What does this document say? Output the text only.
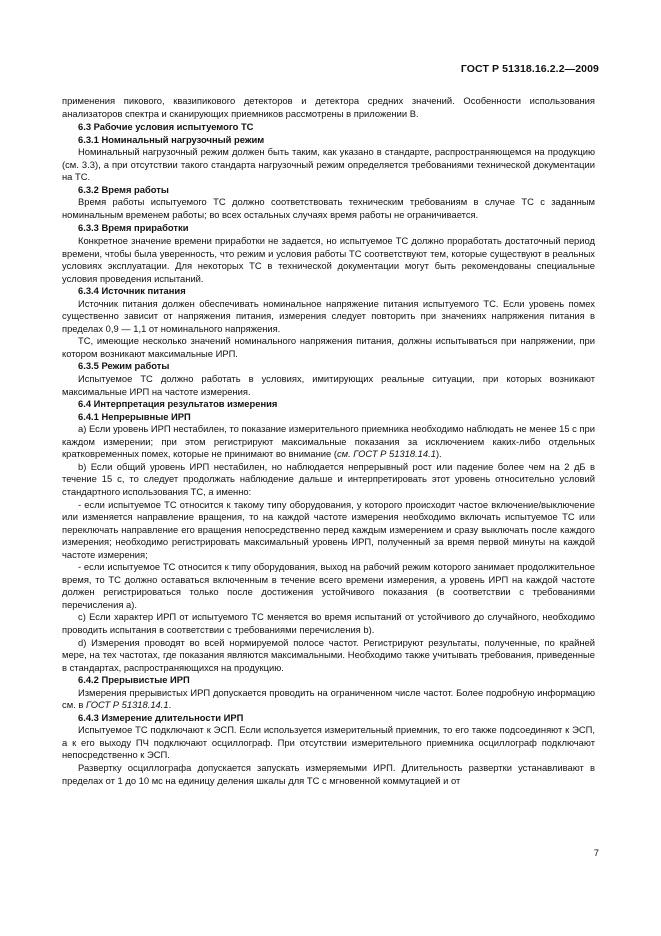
ГОСТ Р 51318.16.2.2—2009

применения пикового, квазипикового детекторов и детектора средних значений. Особенности использования анализаторов спектра и сканирующих приемников рассмотрены в приложении В.

6.3 Рабочие условия испытуемого ТС

6.3.1 Номинальный нагрузочный режим

Номинальный нагрузочный режим должен быть таким, как указано в стандарте, распространяющемся на продукцию (см. 3.3), а при отсутствии такого стандарта нагрузочный режим определяется требованиями технической документации на ТС.

6.3.2 Время работы

Время работы испытуемого ТС должно соответствовать техническим требованиям в случае ТС с заданным номинальным временем работы; во всех остальных случаях время работы не ограничивается.

6.3.3 Время приработки

Конкретное значение времени приработки не задается, но испытуемое ТС должно проработать достаточный период времени, чтобы была уверенность, что режим и условия работы ТС соответствуют тем, которые существуют в реальных условиях эксплуатации. Для некоторых ТС в технической документации могут быть рекомендованы специальные условия проведения испытаний.

6.3.4 Источник питания

Источник питания должен обеспечивать номинальное напряжение питания испытуемого ТС. Если уровень помех существенно зависит от напряжения питания, измерения следует повторить при значениях напряжения питания в пределах 0,9 — 1,1 от номинального напряжения.

ТС, имеющие несколько значений номинального напряжения питания, должны испытываться при напряжении, при котором возникают максимальные ИРП.

6.3.5 Режим работы

Испытуемое ТС должно работать в условиях, имитирующих реальные ситуации, при которых возникают максимальные ИРП на частоте измерения.

6.4 Интерпретация результатов измерения

6.4.1 Непрерывные ИРП

a) Если уровень ИРП нестабилен, то показание измерительного приемника необходимо наблюдать не менее 15 с при каждом измерении; при этом регистрируют максимальные показания за исключением каких-либо отдельных кратковременных помех, которые не принимают во внимание (см. ГОСТ Р 51318.14.1).

b) Если общий уровень ИРП нестабилен, но наблюдается непрерывный рост или падение более чем на 2 дБ в течение 15 с, то следует продолжать наблюдение дальше и интерпретировать этот уровень относительно условий стандартного использования ТС, а именно:

- если испытуемое ТС относится к такому типу оборудования, у которого происходит частое включение/выключение или изменяется направление вращения, то на каждой частоте измерения необходимо включать испытуемое ТС или переключать направление его вращения непосредственно перед каждым измерением и сразу выключать после каждого измерения; необходимо регистрировать максимальный уровень ИРП, полученный за время первой минуты на каждой частоте измерения;

- если испытуемое ТС относится к типу оборудования, выход на рабочий режим которого занимает продолжительное время, то ТС должно оставаться включенным в течение всего времени измерения, а уровень ИРП на каждой частоте должен регистрироваться только после достижения устойчивого показания (в соответствии с требованиями перечисления a).

c) Если характер ИРП от испытуемого ТС меняется во время испытаний от устойчивого до случайного, необходимо проводить испытания в соответствии с требованиями перечисления b).

d) Измерения проводят во всей нормируемой полосе частот. Регистрируют результаты, полученные, по крайней мере, на тех частотах, где показания являются максимальными. Необходимо также учитывать требования, приведенные в стандартах, распространяющихся на продукцию.

6.4.2 Прерывистые ИРП

Измерения прерывистых ИРП допускается проводить на ограниченном числе частот. Более подробную информацию см. в ГОСТ Р 51318.14.1.

6.4.3 Измерение длительности ИРП

Испытуемое ТС подключают к ЭСП. Если используется измерительный приемник, то его также подсоединяют к ЭСП, а к его выходу ПЧ подключают осциллограф. При отсутствии измерительного приемника осциллограф подключают непосредственно к ЭСП.

Развертку осциллографа допускается запускать измеряемыми ИРП. Длительность развертки устанавливают в пределах от 1 до 10 мс на единицу деления шкалы для ТС с мгновенной коммутацией и от

7
